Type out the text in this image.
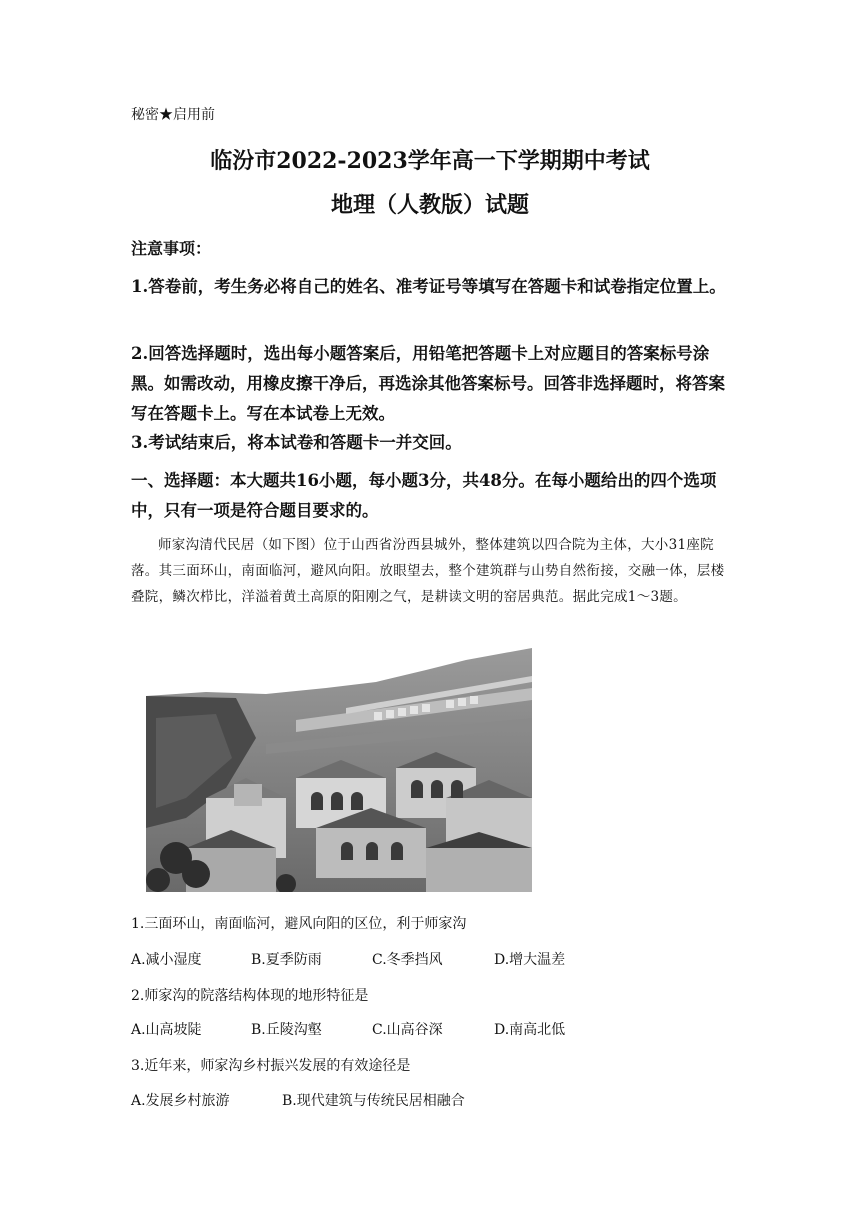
秘密★启用前
临汾市2022-2023学年高一下学期期中考试
地理（人教版）试题
注意事项：
1.答卷前，考生务必将自己的姓名、准考证号等填写在答题卡和试卷指定位置上。
2.回答选择题时，选出每小题答案后，用铅笔把答题卡上对应题目的答案标号涂黑。如需改动，用橡皮擦干净后，再选涂其他答案标号。回答非选择题时，将答案写在答题卡上。写在本试卷上无效。
3.考试结束后，将本试卷和答题卡一并交回。
一、选择题：本大题共16小题，每小题3分，共48分。在每小题给出的四个选项中，只有一项是符合题目要求的。
师家沟清代民居（如下图）位于山西省汾西县城外，整体建筑以四合院为主体，大小31座院落。其三面环山，南面临河，避风向阳。放眼望去，整个建筑群与山势自然衔接，交融一体，层楼叠院，鳞次栉比，洋溢着黄土高原的阳刚之气，是耕读文明的窑居典范。据此完成1～3题。
1.三面环山，南面临河，避风向阳的区位，利于师家沟
A.减小湿度	B.夏季防雨	C.冬季挡风	D.增大温差
2.师家沟的院落结构体现的地形特征是
A.山高坡陡	B.丘陵沟壑	C.山高谷深	D.南高北低
3.近年来，师家沟乡村振兴发展的有效途径是
A.发展乡村旅游	B.现代建筑与传统民居相融合
